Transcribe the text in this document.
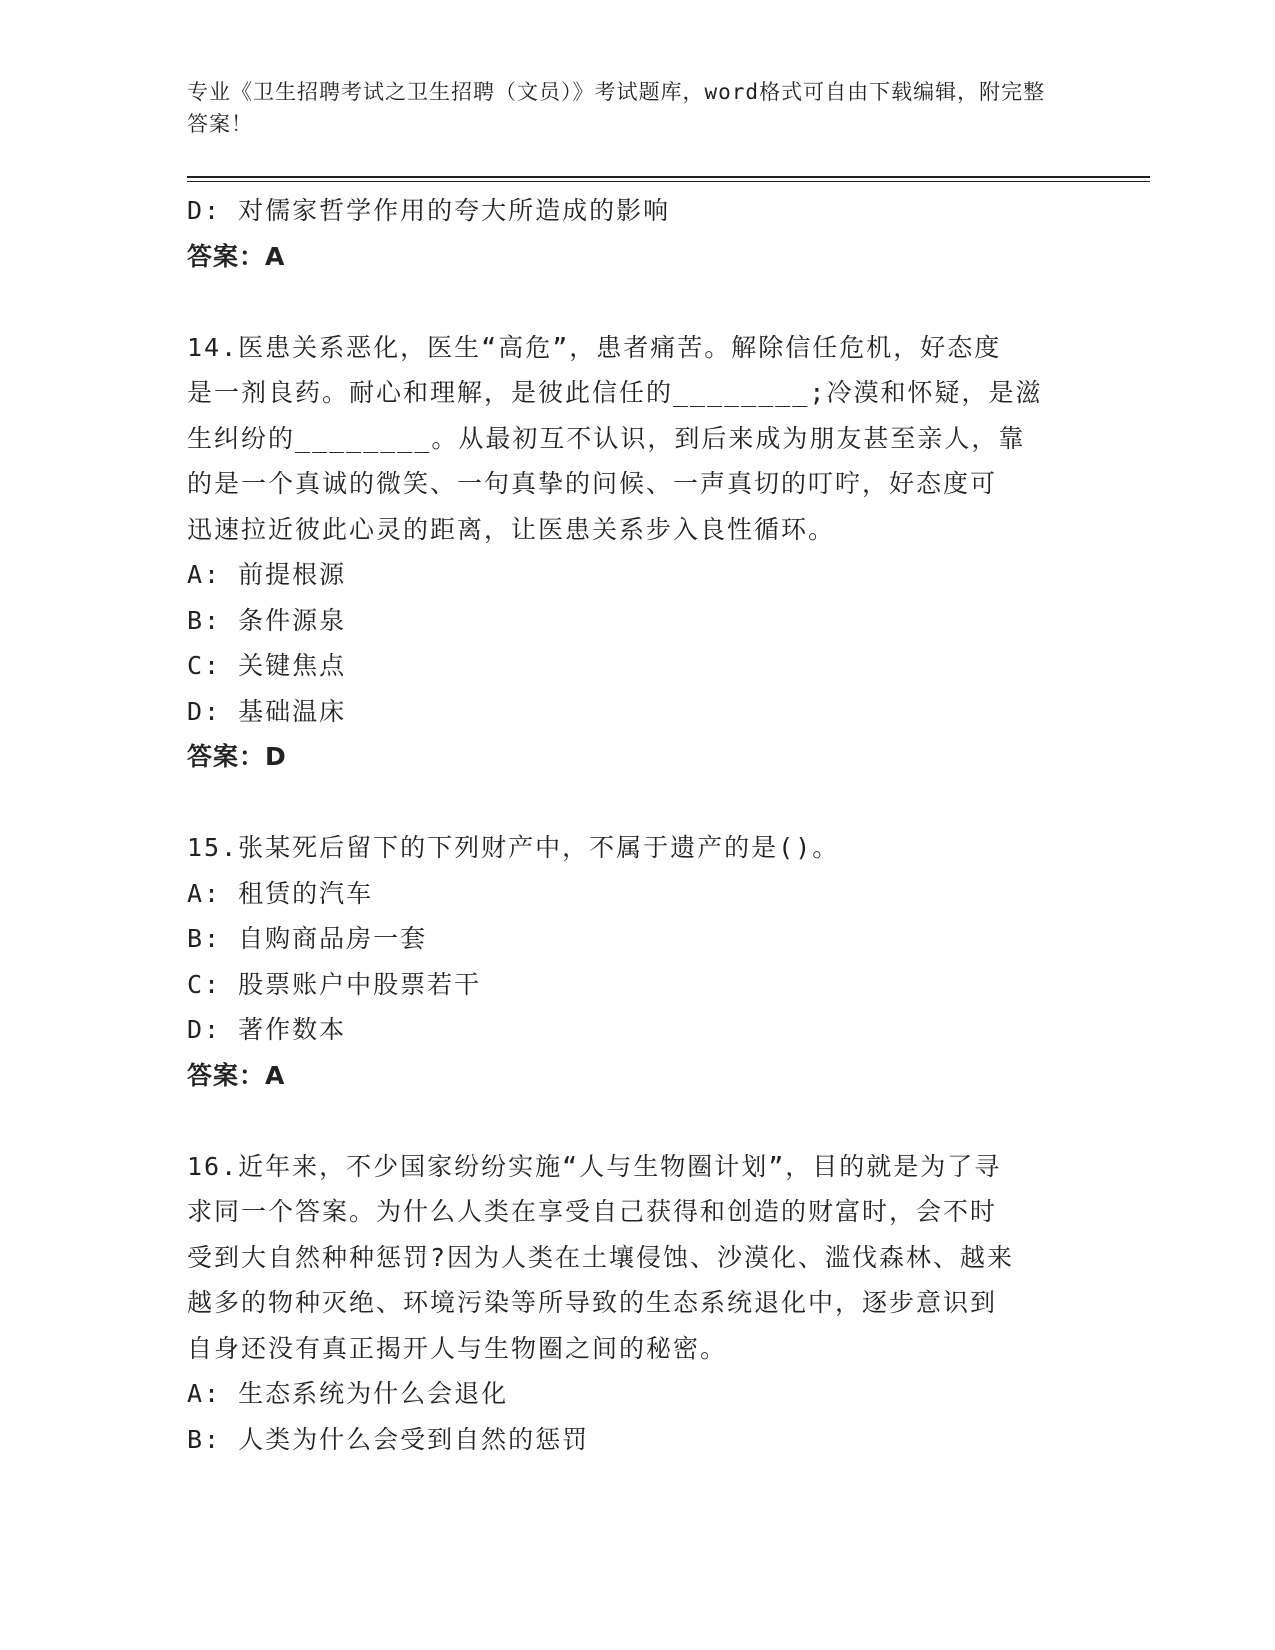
专业《卫生招聘考试之卫生招聘（文员）》考试题库，word格式可自由下载编辑，附完整答案！
D: 对儒家哲学作用的夸大所造成的影响
答案：A
14.医患关系恶化，医生“高危”，患者痛苦。解除信任危机，好态度
是一剂良药。耐心和理解，是彼此信任的________;冷漠和怀疑，是滋
生纠纷的________。从最初互不认识，到后来成为朋友甚至亲人，靠
的是一个真诚的微笑、一句真挚的问候、一声真切的叮咛，好态度可
迅速拉近彼此心灵的距离，让医患关系步入良性循环。
A: 前提根源
B: 条件源泉
C: 关键焦点
D: 基础温床
答案：D
15.张某死后留下的下列财产中，不属于遗产的是()。
A: 租赁的汽车
B: 自购商品房一套
C: 股票账户中股票若干
D: 著作数本
答案：A
16.近年来，不少国家纷纷实施“人与生物圈计划”，目的就是为了寻
求同一个答案。为什么人类在享受自己获得和创造的财富时，会不时
受到大自然种种惩罚?因为人类在土壤侵蚀、沙漠化、滥伐森林、越来
越多的物种灭绝、环境污染等所导致的生态系统退化中，逐步意识到
自身还没有真正揭开人与生物圈之间的秘密。
A: 生态系统为什么会退化
B: 人类为什么会受到自然的惩罚
